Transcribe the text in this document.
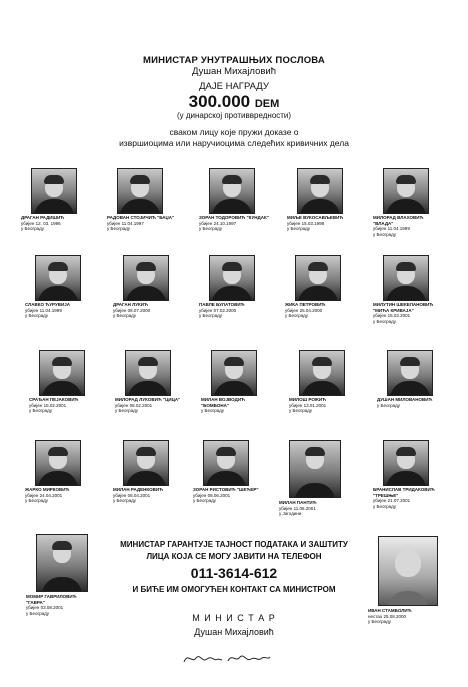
МИНИСТАР УНУТРАШЊИХ ПОСЛОВА
Душан Михајловић
ДАЈЕ НАГРАДУ
300.000 DEM
(у динарској противвредности)
сваком лицу које пружи доказе о
извршиоцима или наручиоцима следећих кривичних дела
ДРАГАН РАДИШИЋ
убијен 12. 03. 1996
у Београду
РАДОВАН СТОЈИЧИЋ "БАЏА"
убијен 11.04.1997
у Београду
ЗОРАН ТОДОРОВИЋ "КУНДАК"
убијен 24.10.1997
у Београду
МИЉЕ ВУКОСАВЉЕВИЋ
убијен 15.03.1998
у Београду
МИЛОРАД ВЛАХОВИЋ "ВЛАДА"
убијен 11.04.1999
у Београду
СЛАВКО ЋУРУВИЈА
убијен 11.04.1999
у Београду
ДРАГАН ЛУКИЋ
убијен 08.07.2000
у Београду
ПАВЛЕ БУЛАТОВИЋ
убијен 07.02.2000
у Београду
ЖИКА ПЕТРОВИЋ
убијен 25.04.2000
у Београду
МИЛУТИН ШЕКЕЛАНОВИЋ "МИЋА КРИВАЈА"
убијен 15.02.2001
у Београду
СРАЂАН ПЕЈАКОВИЋ
убијен 15.02.2001
у Београду
МИЛОРАД ЛУКОВИЋ "ЦИЦА"
убијен 08.02.2001
у Београду
МИЛАН ВОЈВОДИЋ "БОМБОНА"
у Београду
МИЛОШ РОЖИЋ
убијен 13.01.2001
у Београду
ДУШАН МИЛОВАНОВИЋ
у Београду
ЖАРКО МИРКОВИЋ
убијен 24.04.2001
у Београду
МИЛАН РАДЕНКОВИЋ
убијен 08.04.2001
у Београду
ЗОРАН РИСТОВИЋ "ШЕЋЕР"
убијен 08.06.2001
у Београду	МИЛАН ПАНТИЋ
убијен 11.06.2001
у Јагодини
БРАНИСЛАВ ТРИДАКОВИЋ "ТРЕШЊЕ"
убијен 21.07.2001
у Београду
МОМИР ГАВРИЛОВИЋ "ГАВРА"
убијен 03.08.2001
у Београду	ИВАН СТАМБОЛИЋ
нестао 25.08.2000
у Београду
МИНИСТАР ГАРАНТУЈЕ ТАЈНОСТ ПОДАТАКА И ЗАШТИТУ
ЛИЦА КОЈА СЕ МОГУ ЈАВИТИ НА ТЕЛЕФОН
011-3614-612
И БИЋЕ ИМ ОМОГУЋЕН КОНТАКТ СА МИНИСТРОМ
М И Н И С Т А Р
Душан Михајловић
